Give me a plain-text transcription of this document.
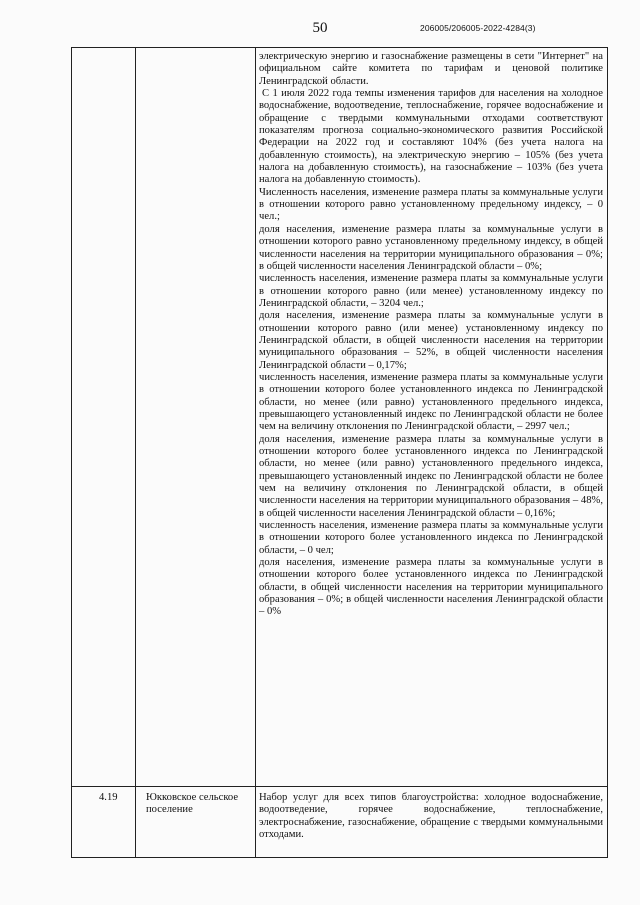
50	206005/206005-2022-4284(3)

электрическую энергию и газоснабжение размещены в сети "Интернет" на официальном сайте комитета по тарифам и ценовой политике Ленинградской области.

С 1 июля 2022 года темпы изменения тарифов для населения на холодное водоснабжение, водоотведение, теплоснабжение, горячее водоснабжение и обращение с твердыми коммунальными отходами соответствуют показателям прогноза социально-экономического развития Российской Федерации на 2022 год и составляют 104% (без учета налога на добавленную стоимость), на электрическую энергию – 105% (без учета налога на добавленную стоимость), на газоснабжение – 103% (без учета налога на добавленную стоимость).

Численность населения, изменение размера платы за коммунальные услуги в отношении которого равно установленному предельному индексу, – 0 чел.;

доля населения, изменение размера платы за коммунальные услуги в отношении которого равно установленному предельному индексу, в общей численности населения на территории муниципального образования – 0%; в общей численности населения Ленинградской области – 0%;

численность населения, изменение размера платы за коммунальные услуги в отношении которого равно (или менее) установленному индексу по Ленинградской области, – 3204 чел.;

доля населения, изменение размера платы за коммунальные услуги в отношении которого равно (или менее) установленному индексу по Ленинградской области, в общей численности населения на территории муниципального образования – 52%, в общей численности населения Ленинградской области – 0,17%;

численность населения, изменение размера платы за коммунальные услуги в отношении которого более установленного индекса по Ленинградской области, но менее (или равно) установленного предельного индекса, превышающего установленный индекс по Ленинградской области не более чем на величину отклонения по Ленинградской области, – 2997 чел.;

доля населения, изменение размера платы за коммунальные услуги в отношении которого более установленного индекса по Ленинградской области, но менее (или равно) установленного предельного индекса, превышающего установленный индекс по Ленинградской области не более чем на величину отклонения по Ленинградской области, в общей численности населения на территории муниципального образования – 48%, в общей численности населения Ленинградской области – 0,16%;

численность населения, изменение размера платы за коммунальные услуги в отношении которого более установленного индекса по Ленинградской области, – 0 чел;

доля населения, изменение размера платы за коммунальные услуги в отношении которого более установленного индекса по Ленинградской области, в общей численности населения на территории муниципального образования – 0%; в общей численности населения Ленинградской области – 0%

4.19	Юкковское сельское поселение
Набор услуг для всех типов благоустройства: холодное водоснабжение, водоотведение, горячее водоснабжение, теплоснабжение, электроснабжение, газоснабжение, обращение с твердыми коммунальными отходами.
